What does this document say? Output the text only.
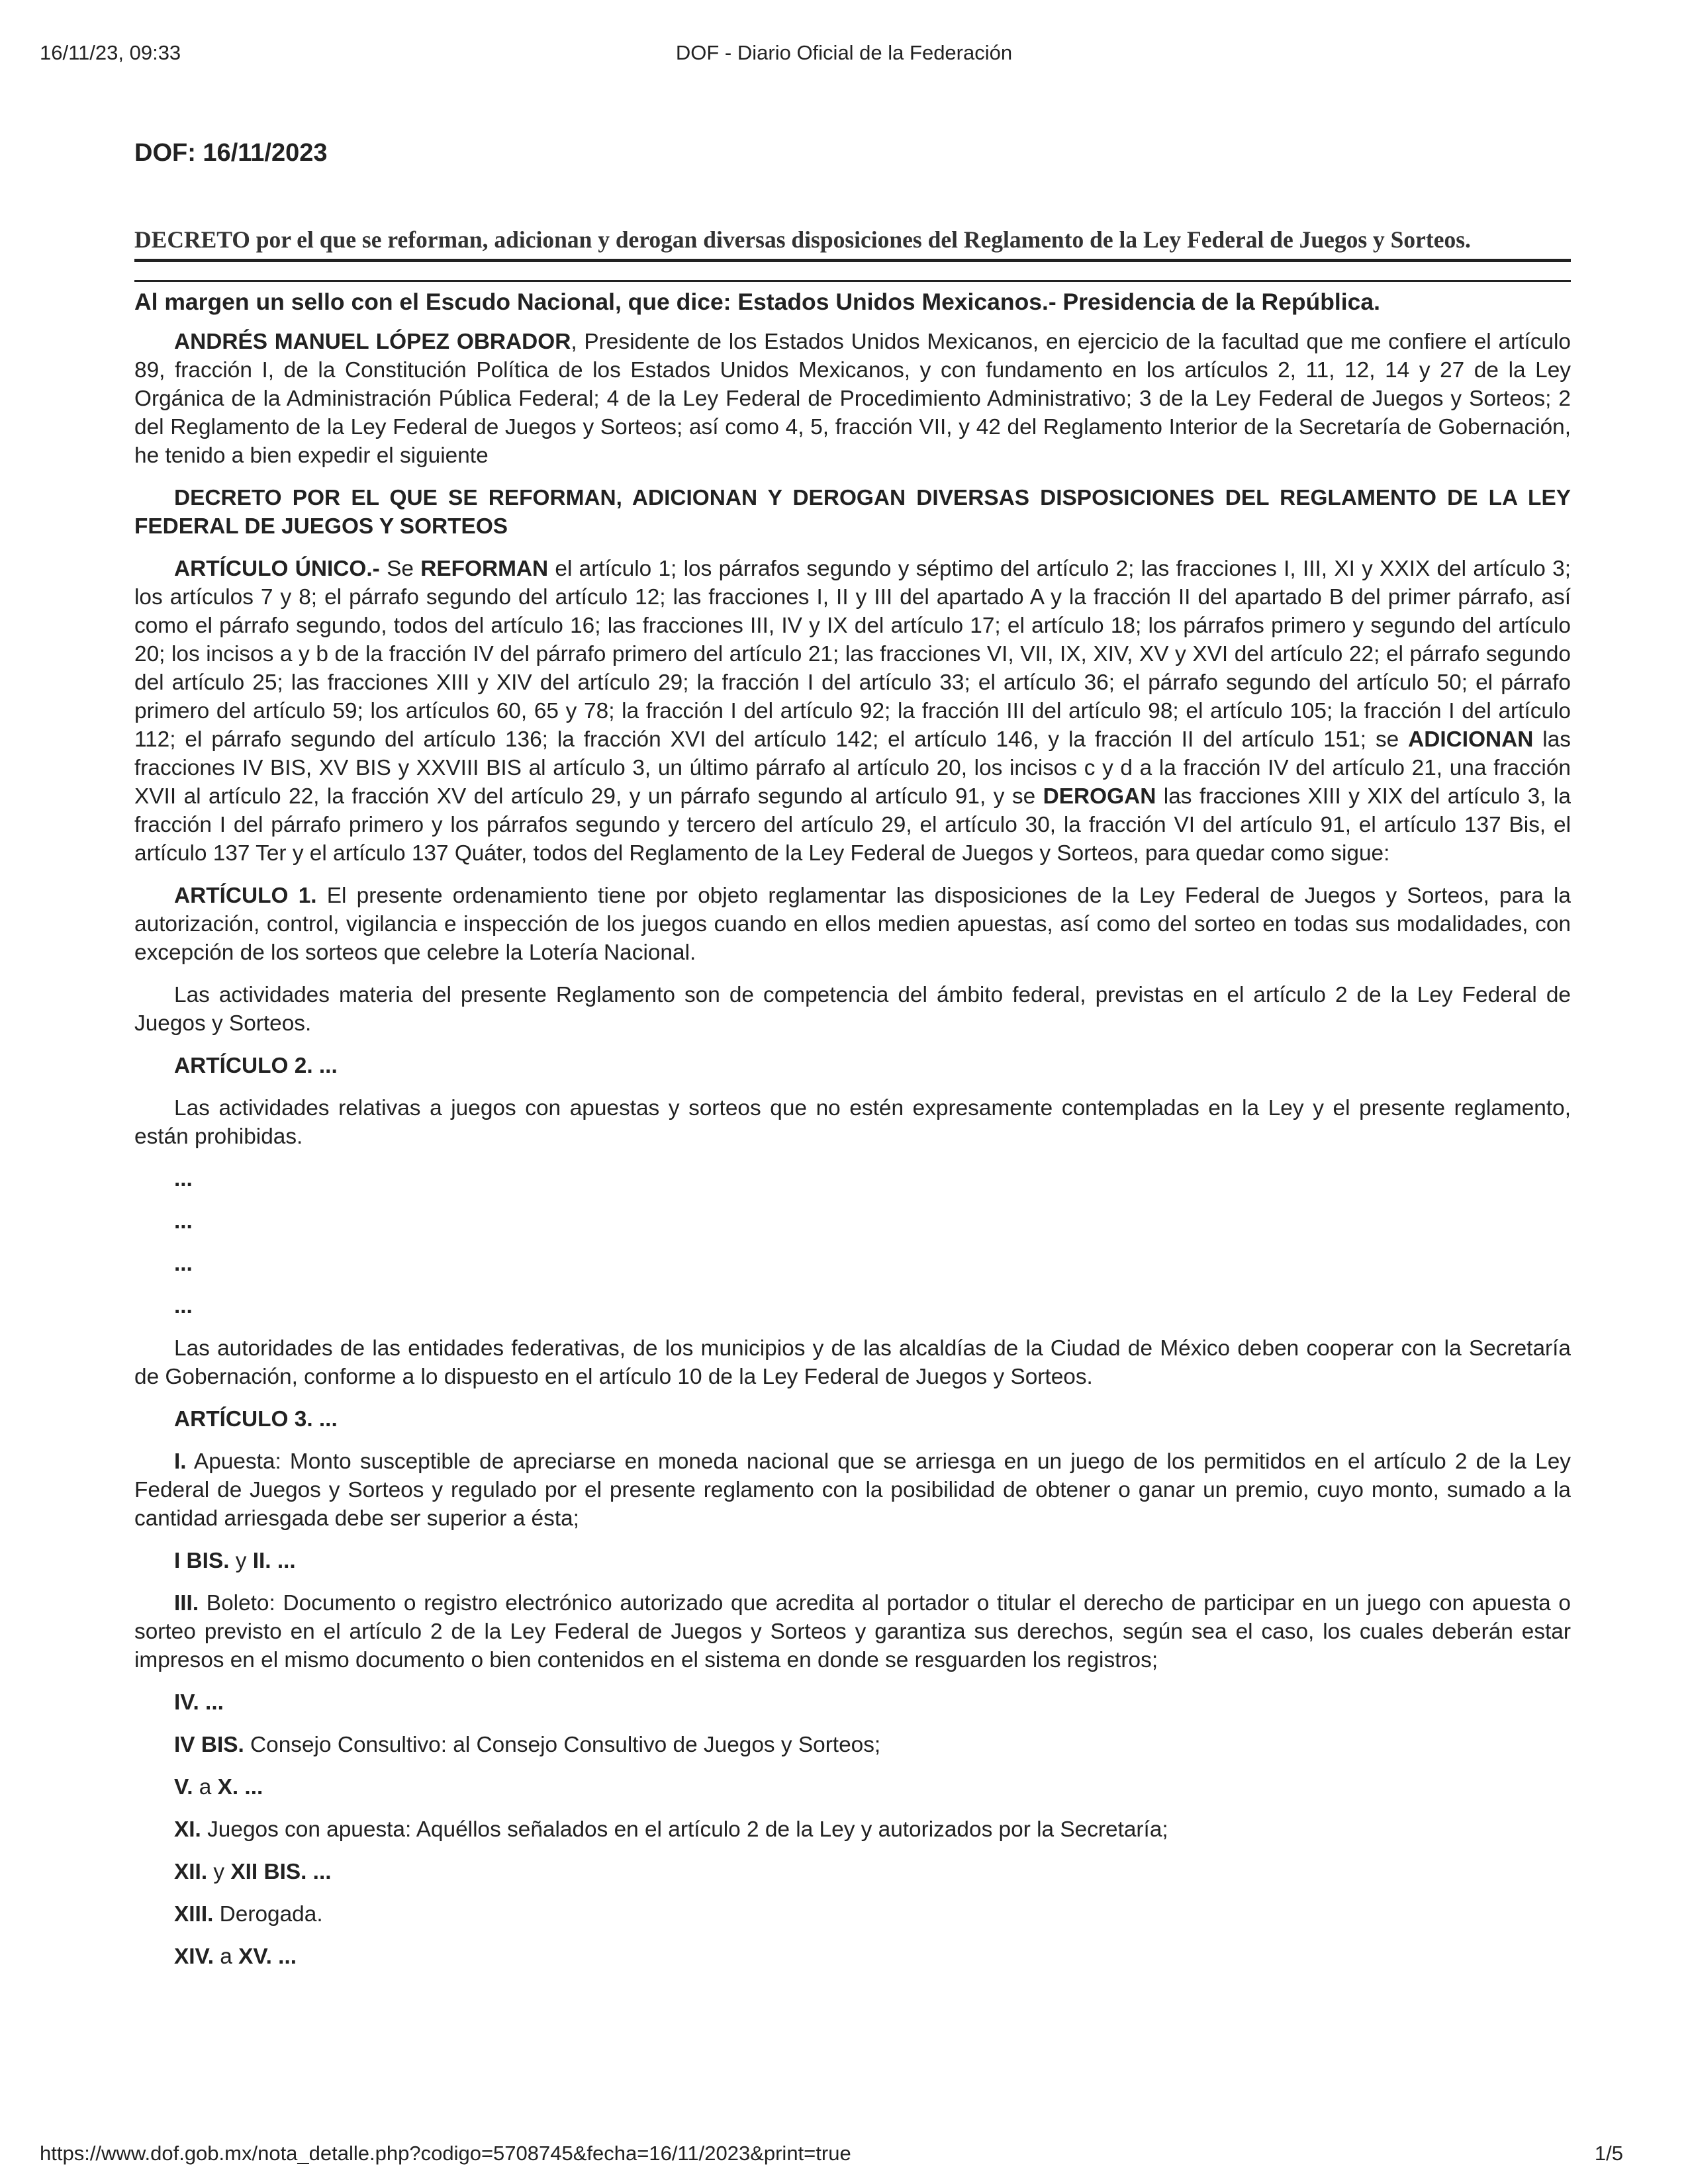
16/11/23, 09:33	DOF - Diario Oficial de la Federación
DOF: 16/11/2023
DECRETO por el que se reforman, adicionan y derogan diversas disposiciones del Reglamento de la Ley Federal de Juegos y Sorteos.
Al margen un sello con el Escudo Nacional, que dice: Estados Unidos Mexicanos.- Presidencia de la República.

ANDRÉS MANUEL LÓPEZ OBRADOR, Presidente de los Estados Unidos Mexicanos, en ejercicio de la facultad que me confiere el artículo 89, fracción I, de la Constitución Política de los Estados Unidos Mexicanos, y con fundamento en los artículos 2, 11, 12, 14 y 27 de la Ley Orgánica de la Administración Pública Federal; 4 de la Ley Federal de Procedimiento Administrativo; 3 de la Ley Federal de Juegos y Sorteos; 2 del Reglamento de la Ley Federal de Juegos y Sorteos; así como 4, 5, fracción VII, y 42 del Reglamento Interior de la Secretaría de Gobernación, he tenido a bien expedir el siguiente

DECRETO POR EL QUE SE REFORMAN, ADICIONAN Y DEROGAN DIVERSAS DISPOSICIONES DEL REGLAMENTO DE LA LEY FEDERAL DE JUEGOS Y SORTEOS

ARTÍCULO ÚNICO.- Se REFORMAN el artículo 1; los párrafos segundo y séptimo del artículo 2; las fracciones I, III, XI y XXIX del artículo 3; los artículos 7 y 8; el párrafo segundo del artículo 12; las fracciones I, II y III del apartado A y la fracción II del apartado B del primer párrafo, así como el párrafo segundo, todos del artículo 16; las fracciones III, IV y IX del artículo 17; el artículo 18; los párrafos primero y segundo del artículo 20; los incisos a y b de la fracción IV del párrafo primero del artículo 21; las fracciones VI, VII, IX, XIV, XV y XVI del artículo 22; el párrafo segundo del artículo 25; las fracciones XIII y XIV del artículo 29; la fracción I del artículo 33; el artículo 36; el párrafo segundo del artículo 50; el párrafo primero del artículo 59; los artículos 60, 65 y 78; la fracción I del artículo 92; la fracción III del artículo 98; el artículo 105; la fracción I del artículo 112; el párrafo segundo del artículo 136; la fracción XVI del artículo 142; el artículo 146, y la fracción II del artículo 151; se ADICIONAN las fracciones IV BIS, XV BIS y XXVIII BIS al artículo 3, un último párrafo al artículo 20, los incisos c y d a la fracción IV del artículo 21, una fracción XVII al artículo 22, la fracción XV del artículo 29, y un párrafo segundo al artículo 91, y se DEROGAN las fracciones XIII y XIX del artículo 3, la fracción I del párrafo primero y los párrafos segundo y tercero del artículo 29, el artículo 30, la fracción VI del artículo 91, el artículo 137 Bis, el artículo 137 Ter y el artículo 137 Quáter, todos del Reglamento de la Ley Federal de Juegos y Sorteos, para quedar como sigue:

ARTÍCULO 1. El presente ordenamiento tiene por objeto reglamentar las disposiciones de la Ley Federal de Juegos y Sorteos, para la autorización, control, vigilancia e inspección de los juegos cuando en ellos medien apuestas, así como del sorteo en todas sus modalidades, con excepción de los sorteos que celebre la Lotería Nacional.

Las actividades materia del presente Reglamento son de competencia del ámbito federal, previstas en el artículo 2 de la Ley Federal de Juegos y Sorteos.

ARTÍCULO 2. ...

Las actividades relativas a juegos con apuestas y sorteos que no estén expresamente contempladas en la Ley y el presente reglamento, están prohibidas.

...

...

...

...

Las autoridades de las entidades federativas, de los municipios y de las alcaldías de la Ciudad de México deben cooperar con la Secretaría de Gobernación, conforme a lo dispuesto en el artículo 10 de la Ley Federal de Juegos y Sorteos.

ARTÍCULO 3. ...

I. Apuesta: Monto susceptible de apreciarse en moneda nacional que se arriesga en un juego de los permitidos en el artículo 2 de la Ley Federal de Juegos y Sorteos y regulado por el presente reglamento con la posibilidad de obtener o ganar un premio, cuyo monto, sumado a la cantidad arriesgada debe ser superior a ésta;

I BIS. y II. ...

III. Boleto: Documento o registro electrónico autorizado que acredita al portador o titular el derecho de participar en un juego con apuesta o sorteo previsto en el artículo 2 de la Ley Federal de Juegos y Sorteos y garantiza sus derechos, según sea el caso, los cuales deberán estar impresos en el mismo documento o bien contenidos en el sistema en donde se resguarden los registros;

IV. ...

IV BIS. Consejo Consultivo: al Consejo Consultivo de Juegos y Sorteos;

V. a X. ...

XI. Juegos con apuesta: Aquéllos señalados en el artículo 2 de la Ley y autorizados por la Secretaría;

XII. y XII BIS. ...

XIII. Derogada.

XIV. a XV. ...

https://www.dof.gob.mx/nota_detalle.php?codigo=5708745&fecha=16/11/2023&print=true	1/5
